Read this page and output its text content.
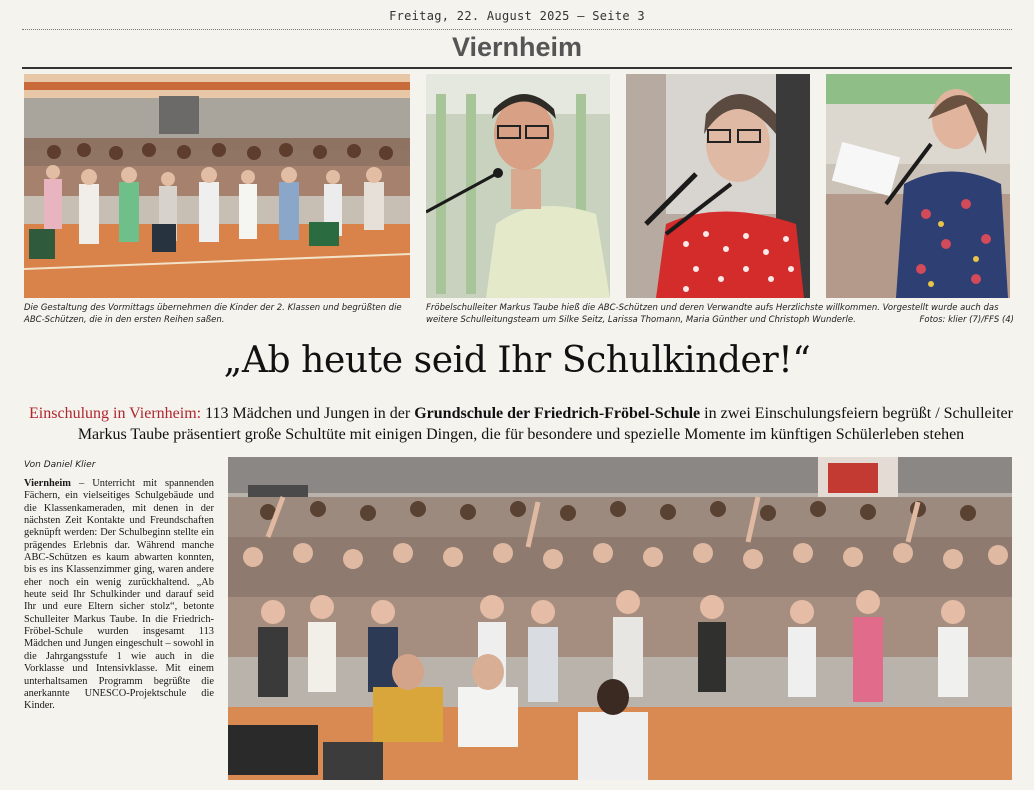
Freitag, 22. August 2025 – Seite 3
Viernheim
Die Gestaltung des Vormittags übernehmen die Kinder der 2. Klassen und begrüßten die ABC-Schützen, die in den ersten Reihen saßen.
Fröbelschulleiter Markus Taube hieß die ABC-Schützen und deren Verwandte aufs Herzlichste willkommen. Vorgestellt wurde auch das weitere Schulleitungsteam um Silke Seitz, Larissa Thomann, Maria Günther und Christoph Wunderle.	Fotos: klier (7)/FFS (4)
„Ab heute seid Ihr Schulkinder!“
Einschulung in Viernheim: 113 Mädchen und Jungen in der Grundschule der Friedrich-Fröbel-Schule in zwei Einschulungsfeiern begrüßt / Schulleiter Markus Taube präsentiert große Schultüte mit einigen Dingen, die für besondere und spezielle Momente im künftigen Schülerleben stehen
Von Daniel Klier
Viernheim – Unterricht mit spannenden Fächern, ein vielseitiges Schulgebäude und die Klassenkameraden, mit denen in der nächsten Zeit Kontakte und Freundschaften geknüpft werden: Der Schulbeginn stellte ein prägendes Erlebnis dar. Während manche ABC-Schützen es kaum abwarten konnten, bis es ins Klassenzimmer ging, waren andere eher noch ein wenig zurückhaltend. „Ab heute seid Ihr Schulkinder und darauf seid Ihr und eure Eltern sicher stolz“, betonte Schulleiter Markus Taube. In die Friedrich-Fröbel-Schule wurden insgesamt 113 Mädchen und Jungen eingeschult – sowohl in die Jahrgangsstufe 1 wie auch in die Vorklasse und Intensivklasse. Mit einem unterhaltsamen Programm begrüßte die anerkannte UNESCO-Projektschule die Kinder.
